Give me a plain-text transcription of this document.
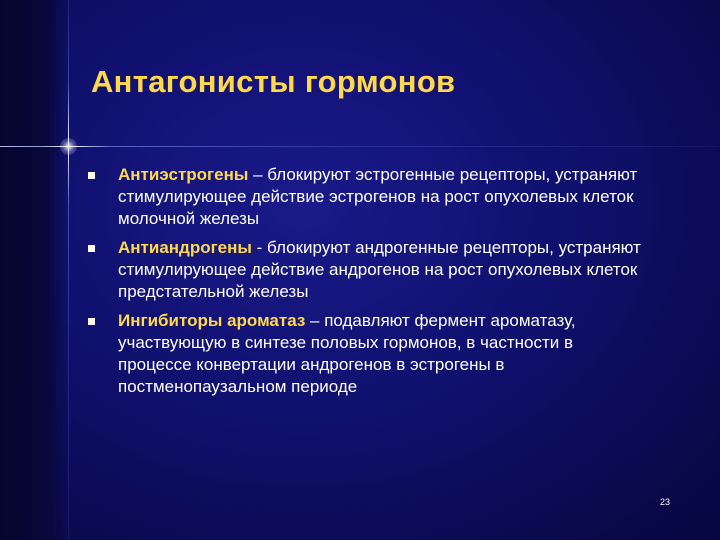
Антагонисты гормонов
Антиэстрогены – блокируют эстрогенные рецепторы, устраняют стимулирующее действие эстрогенов на рост опухолевых клеток молочной железы
Антиандрогены - блокируют андрогенные рецепторы, устраняют стимулирующее действие андрогенов на рост опухолевых клеток предстательной железы
Ингибиторы ароматаз – подавляют фермент ароматазу, участвующую в синтезе половых гормонов, в частности в процессе конвертации андрогенов в эстрогены в постменопаузальном периоде
23
